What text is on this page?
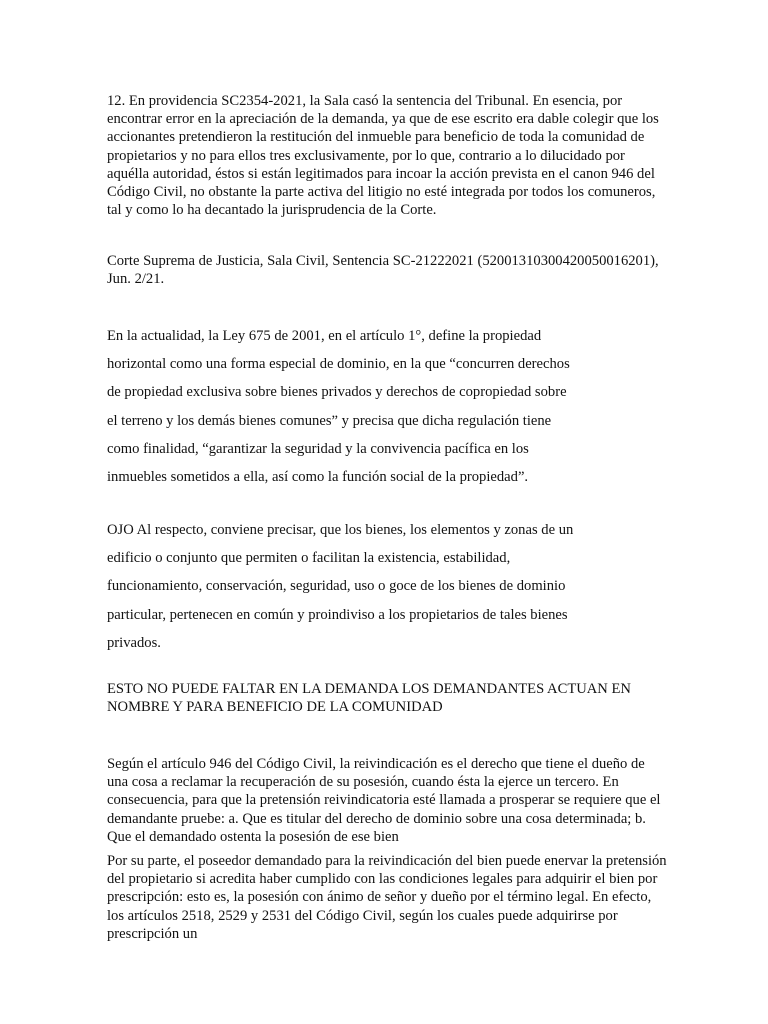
12. En providencia SC2354-2021, la Sala casó la sentencia del Tribunal. En esencia, por encontrar error en la apreciación de la demanda, ya que de ese escrito era dable colegir que los accionantes pretendieron la restitución del inmueble para beneficio de toda la comunidad de propietarios y no para ellos tres exclusivamente, por lo que, contrario a lo dilucidado por aquélla autoridad, éstos si están legitimados para incoar la acción prevista en el canon 946 del Código Civil, no obstante la parte activa del litigio no esté integrada por todos los comuneros, tal y como lo ha decantado la jurisprudencia de la Corte.
Corte Suprema de Justicia, Sala Civil, Sentencia SC-21222021 (52001310300420050016201), Jun. 2/21.
En la actualidad, la Ley 675 de 2001, en el artículo 1°, define la propiedad
horizontal como una forma especial de dominio, en la que “concurren derechos
de propiedad exclusiva sobre bienes privados y derechos de copropiedad sobre
el terreno y los demás bienes comunes” y precisa que dicha regulación tiene
como finalidad, “garantizar la seguridad y la convivencia pacífica en los
inmuebles sometidos a ella, así como la función social de la propiedad”.
OJO Al respecto, conviene precisar, que los bienes, los elementos y zonas de un
edificio o conjunto que permiten o facilitan la existencia, estabilidad,
funcionamiento, conservación, seguridad, uso o goce de los bienes de dominio
particular, pertenecen en común y proindiviso a los propietarios de tales bienes
privados.
ESTO NO PUEDE FALTAR EN LA DEMANDA LOS DEMANDANTES ACTUAN EN NOMBRE Y PARA BENEFICIO DE LA COMUNIDAD
Según el artículo 946 del Código Civil, la reivindicación es el derecho que tiene el dueño de una cosa a reclamar la recuperación de su posesión, cuando ésta la ejerce un tercero. En consecuencia, para que la pretensión reivindicatoria esté llamada a prosperar se requiere que el demandante pruebe: a. Que es titular del derecho de dominio sobre una cosa determinada; b. Que el demandado ostenta la posesión de ese bien
Por su parte, el poseedor demandado para la reivindicación del bien puede enervar la pretensión del propietario si acredita haber cumplido con las condiciones legales para adquirir el bien por prescripción: esto es, la posesión con ánimo de señor y dueño por el término legal. En efecto, los artículos 2518, 2529 y 2531 del Código Civil, según los cuales puede adquirirse por prescripción un
